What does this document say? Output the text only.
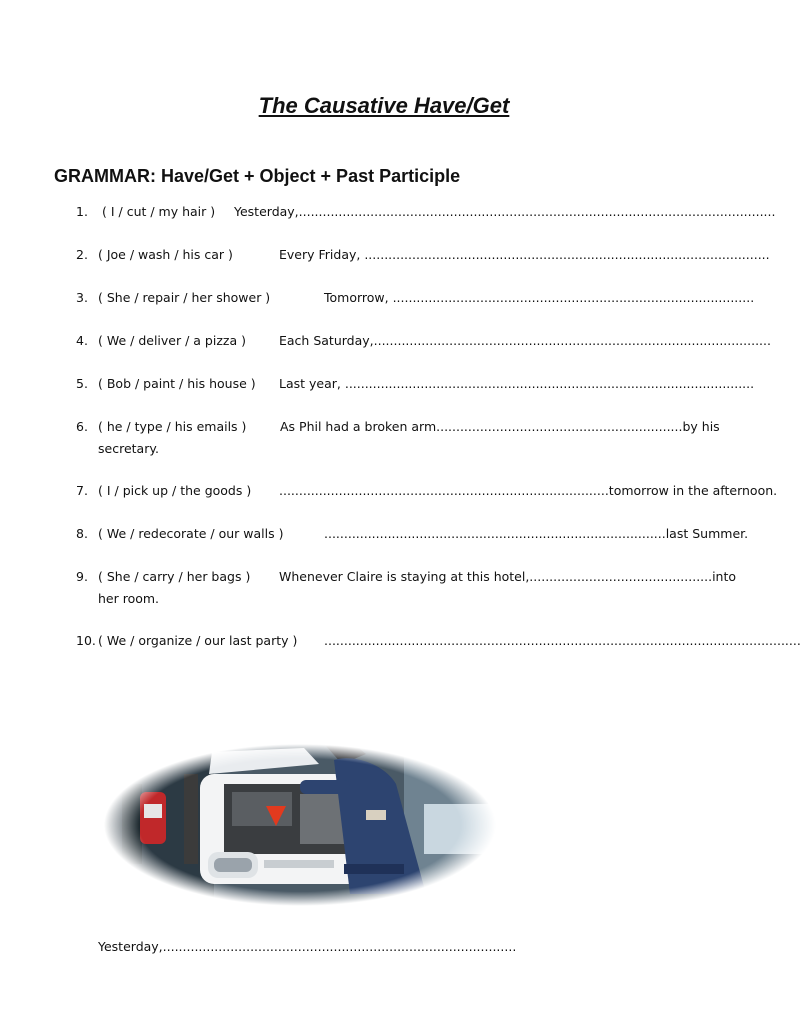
The Causative Have/Get
GRAMMAR: Have/Get + Object + Past Participle
1. ( I / cut / my hair ) Yesterday,........................................................................................................................
2. ( Joe / wash / his car )	Every Friday, ......................................................................................................
3. ( She / repair / her shower )	Tomorrow, ...........................................................................................
4. ( We / deliver / a pizza )	Each Saturday,....................................................................................................
5. ( Bob / paint / his house ) Last year, .......................................................................................................
6. ( he / type / his emails )	As Phil had a broken arm..............................................................by his
secretary.
7. ( I / pick up / the goods ) ...................................................................................tomorrow in the afternoon.
8. ( We / redecorate / our walls )	......................................................................................last Summer.
9. ( She / carry / her bags ) Whenever Claire is staying at this hotel,..............................................into
her room.
10. ( We / organize / our last party ) ........................................................................................................................
Yesterday,.........................................................................................
